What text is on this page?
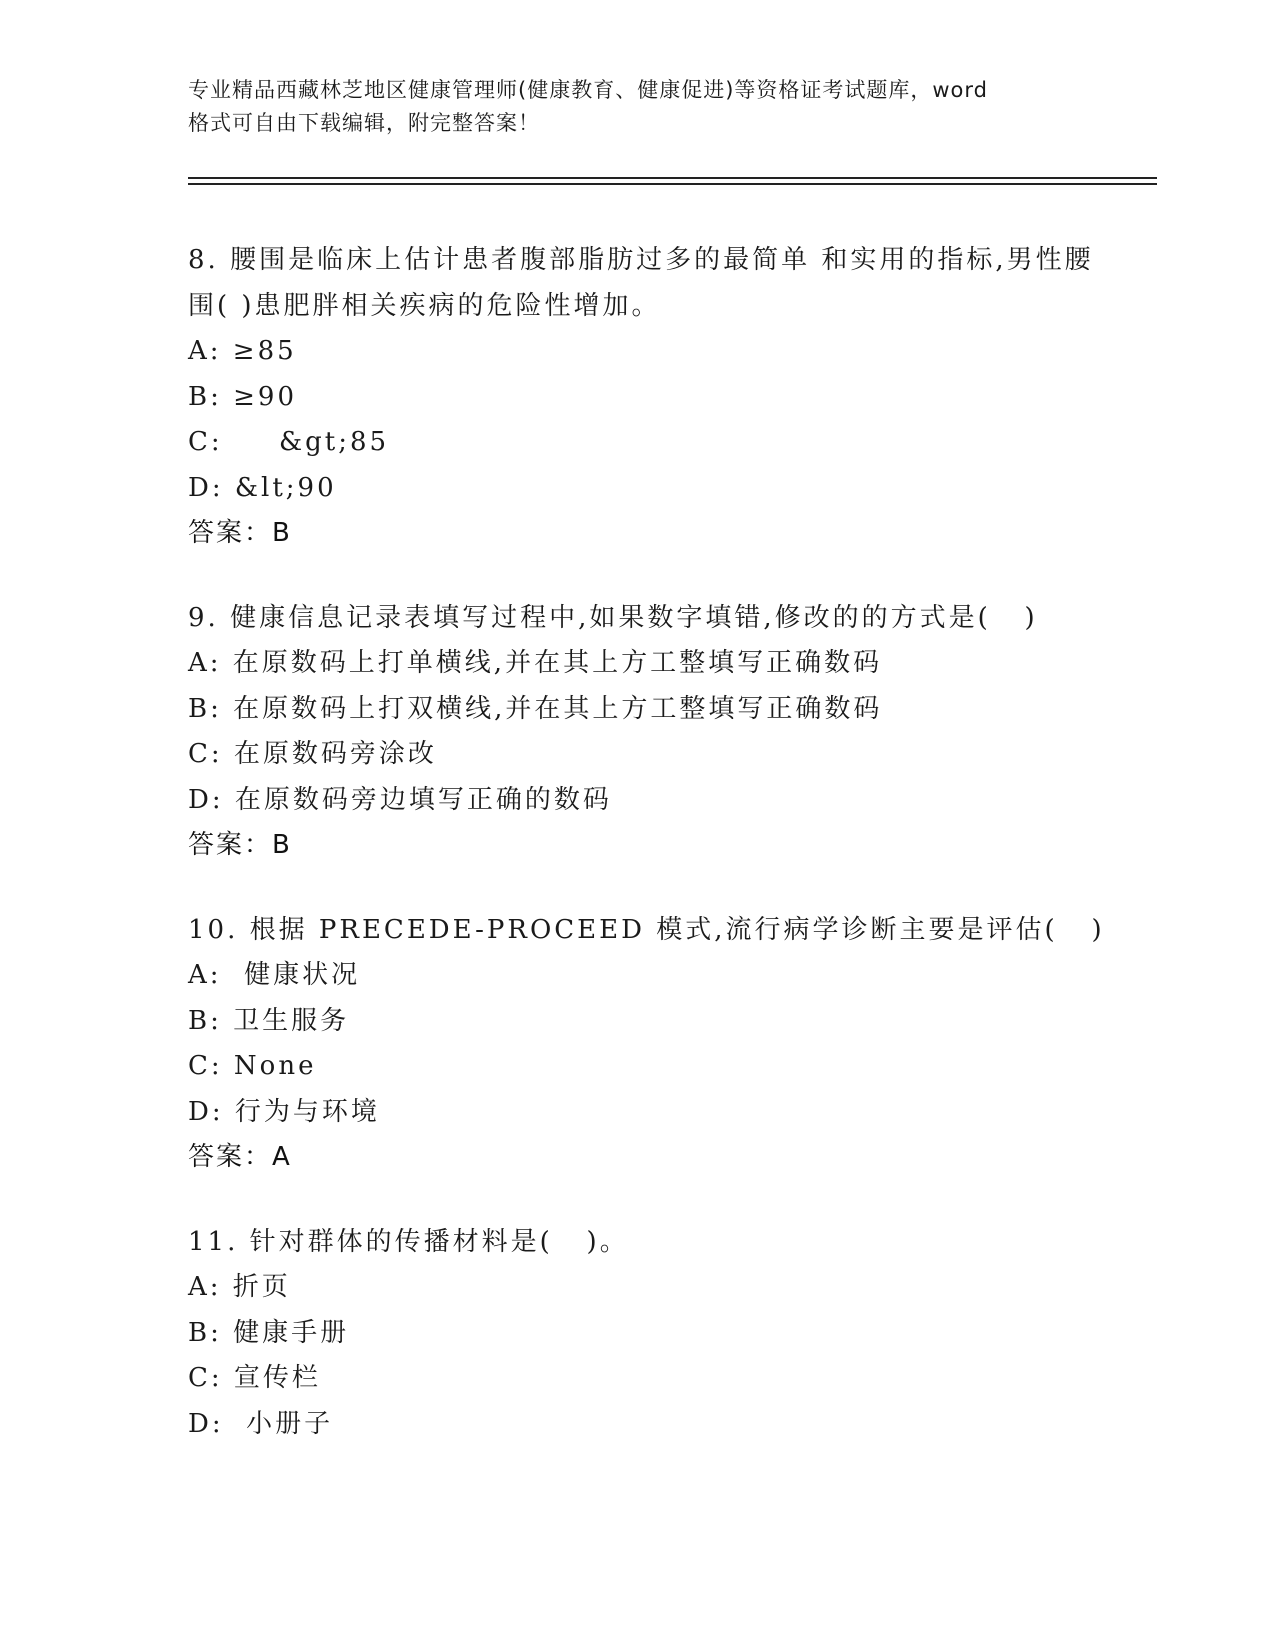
专业精品西藏林芝地区健康管理师(健康教育、健康促进)等资格证考试题库，word
格式可自由下载编辑，附完整答案！
8. 腰围是临床上估计患者腹部脂肪过多的最简单 和实用的指标,男性腰围( )患肥胖相关疾病的危险性增加。
A: ≥85
B: ≥90
C:     &gt;85
D: &lt;90
答案：B
9. 健康信息记录表填写过程中,如果数字填错,修改的的方式是(   )
A: 在原数码上打单横线,并在其上方工整填写正确数码
B: 在原数码上打双横线,并在其上方工整填写正确数码
C: 在原数码旁涂改
D: 在原数码旁边填写正确的数码
答案：B
10. 根据 PRECEDE-PROCEED 模式,流行病学诊断主要是评估(   )
A:  健康状况
B: 卫生服务
C: None
D: 行为与环境
答案：A
11. 针对群体的传播材料是(   )。
A: 折页
B: 健康手册
C: 宣传栏
D:  小册子
